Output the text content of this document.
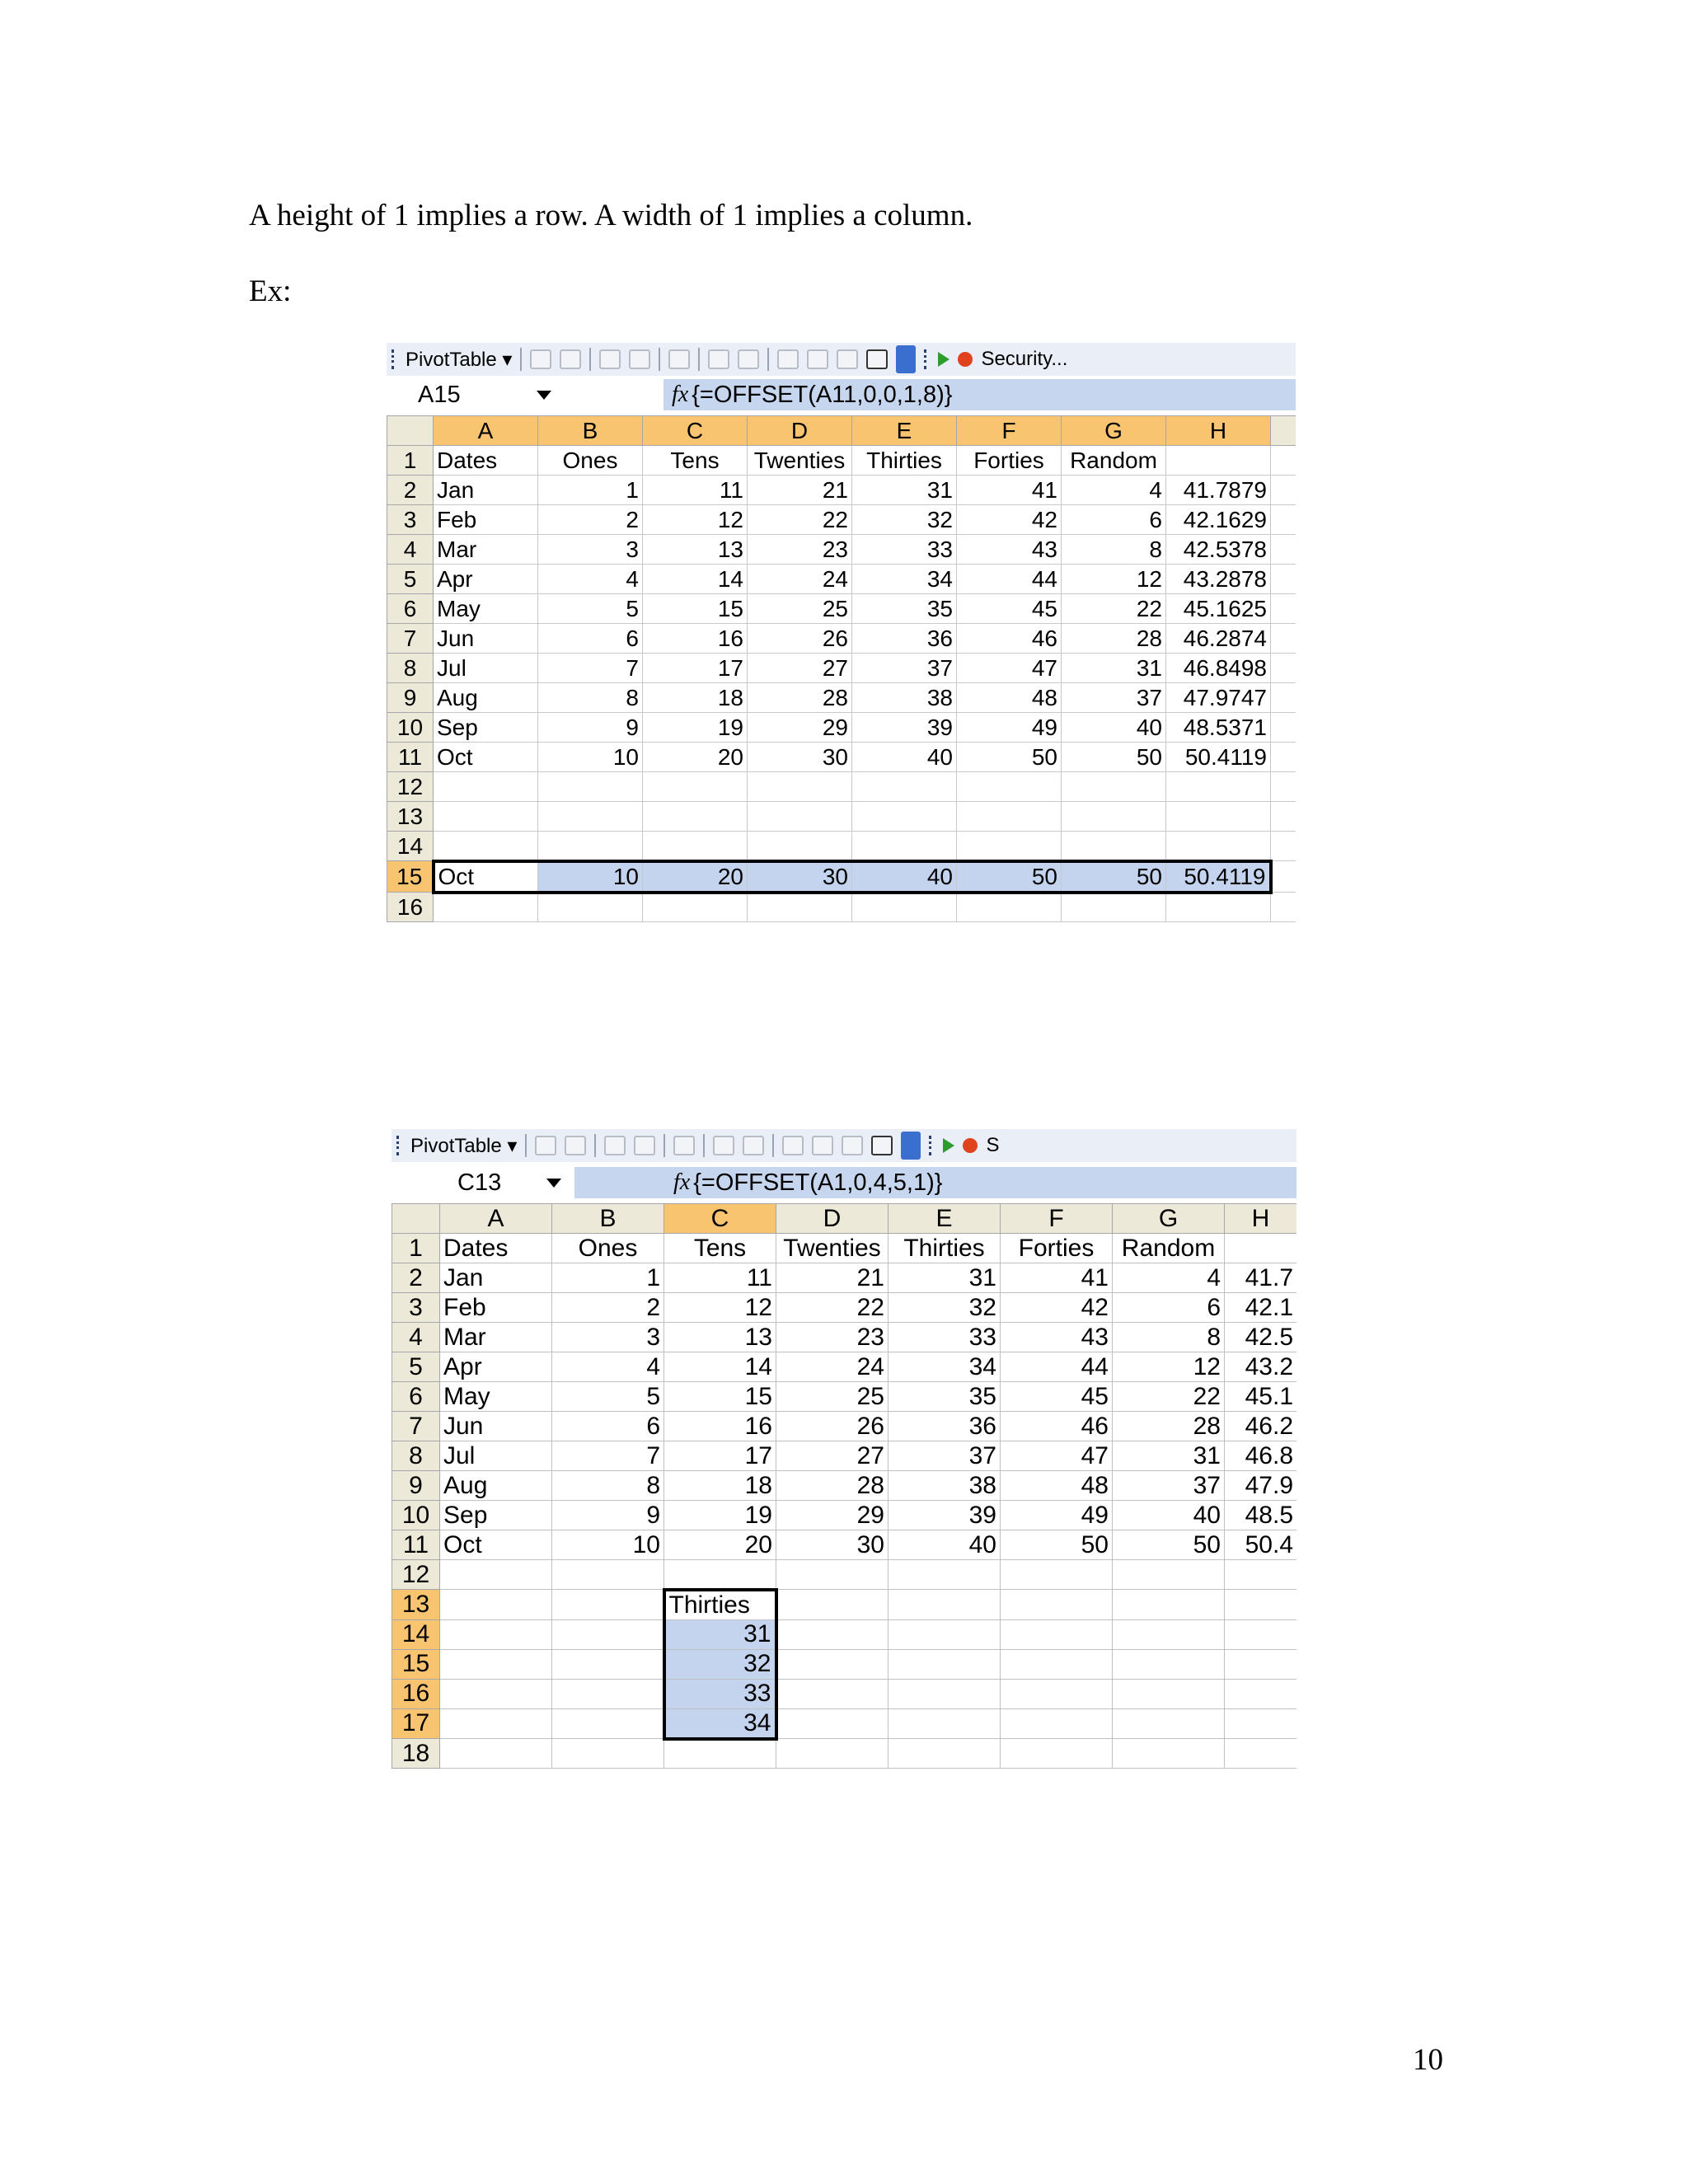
A height of 1 implies a row. A width of 1 implies a column.
Ex:
PivotTable ▾	Security...
A15	fx {=OFFSET(A11,0,0,1,8)}
	A	B	C	D	E	F	G	H	
1	Dates	Ones	Tens	Twenties	Thirties	Forties	Random		
2	Jan	1	11	21	31	41	4	41.7879	
3	Feb	2	12	22	32	42	6	42.1629	
4	Mar	3	13	23	33	43	8	42.5378	
5	Apr	4	14	24	34	44	12	43.2878	
6	May	5	15	25	35	45	22	45.1625	
7	Jun	6	16	26	36	46	28	46.2874	
8	Jul	7	17	27	37	47	31	46.8498	
9	Aug	8	18	28	38	48	37	47.9747	
10	Sep	9	19	29	39	49	40	48.5371	
11	Oct	10	20	30	40	50	50	50.4119	
12									
13									
14									
15	Oct	10	20	30	40	50	50	50.4119	
16									
PivotTable ▾	S
C13	fx {=OFFSET(A1,0,4,5,1)}
	A	B	C	D	E	F	G	H
1	Dates	Ones	Tens	Twenties	Thirties	Forties	Random	
2	Jan	1	11	21	31	41	4	41.7
3	Feb	2	12	22	32	42	6	42.1
4	Mar	3	13	23	33	43	8	42.5
5	Apr	4	14	24	34	44	12	43.2
6	May	5	15	25	35	45	22	45.1
7	Jun	6	16	26	36	46	28	46.2
8	Jul	7	17	27	37	47	31	46.8
9	Aug	8	18	28	38	48	37	47.9
10	Sep	9	19	29	39	49	40	48.5
11	Oct	10	20	30	40	50	50	50.4
12								
13			Thirties					
14			31					
15			32					
16			33					
17			34					
18								
10
